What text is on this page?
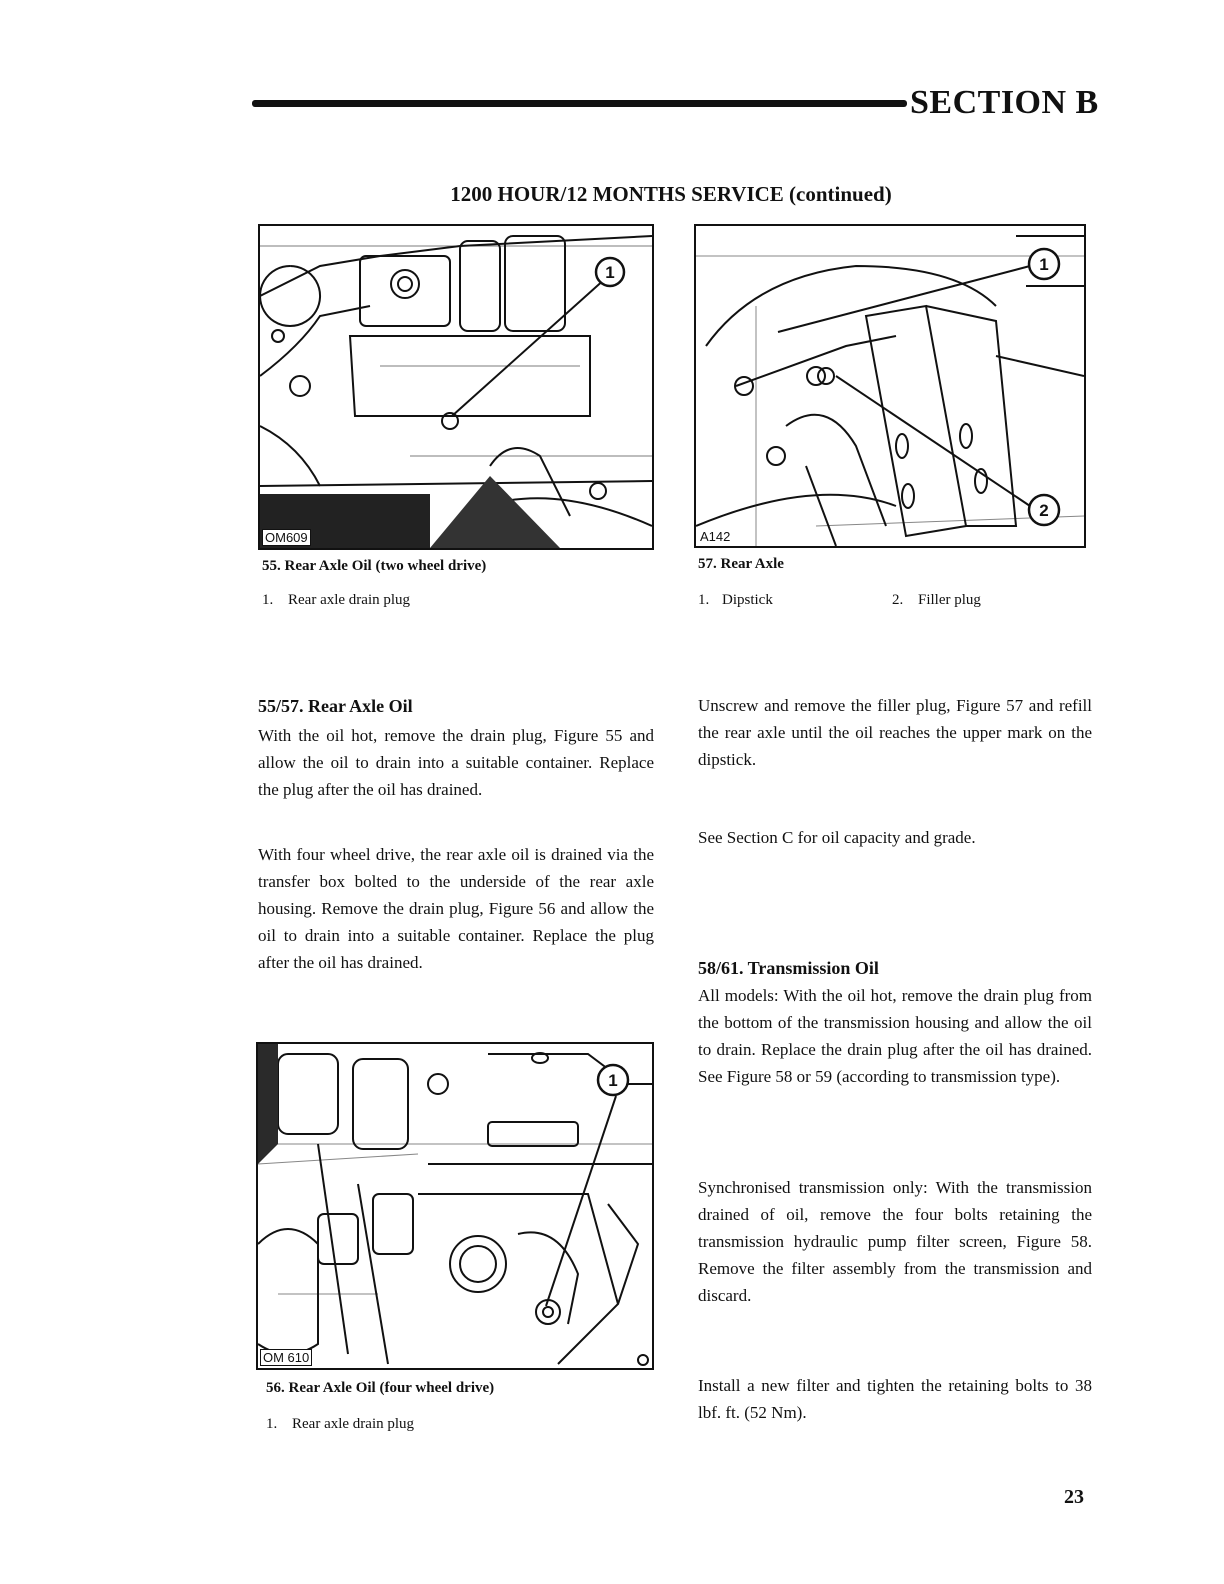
SECTION B
1200 HOUR/12 MONTHS SERVICE (continued)
1
OM609
55. Rear Axle Oil (two wheel drive)
1. Rear axle drain plug
1
2
A142
57. Rear Axle
1. Dipstick	2. Filler plug
55/57. Rear Axle Oil
With the oil hot, remove the drain plug, Figure 55 and allow the oil to drain into a suitable container. Replace the plug after the oil has drained.
With four wheel drive, the rear axle oil is drained via the transfer box bolted to the underside of the rear axle housing. Remove the drain plug, Figure 56 and allow the oil to drain into a suitable container. Replace the plug after the oil has drained.
Unscrew and remove the filler plug, Figure 57 and refill the rear axle until the oil reaches the upper mark on the dipstick.
See Section C for oil capacity and grade.
58/61. Transmission Oil
All models: With the oil hot, remove the drain plug from the bottom of the transmission housing and allow the oil to drain. Replace the drain plug after the oil has drained. See Figure 58 or 59 (according to transmission type).
Synchronised transmission only: With the transmission drained of oil, remove the four bolts retaining the transmission hydraulic pump filter screen, Figure 58. Remove the filter assembly from the transmission and discard.
Install a new filter and tighten the retaining bolts to 38 lbf. ft. (52 Nm).
1
OM 610
56. Rear Axle Oil (four wheel drive)
1. Rear axle drain plug
23
